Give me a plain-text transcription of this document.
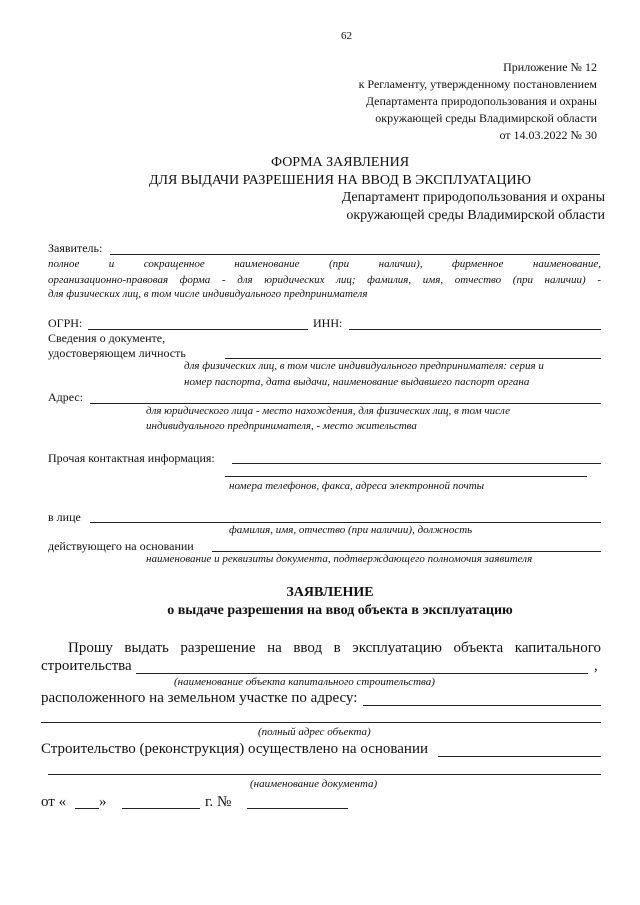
62
Приложение № 12
к Регламенту, утвержденному постановлением
Департамента природопользования и охраны
окружающей среды Владимирской области
от 14.03.2022 № 30
ФОРМА ЗАЯВЛЕНИЯ
ДЛЯ ВЫДАЧИ РАЗРЕШЕНИЯ НА ВВОД В ЭКСПЛУАТАЦИЮ
Департамент природопользования и охраны
окружающей среды Владимирской области
Заявитель:
полное и сокращенное наименование (при наличии), фирменное наименование,
организационно-правовая форма - для юридических лиц; фамилия, имя, отчество (при наличии) -
для физических лиц, в том числе индивидуального предпринимателя
ОГРН:	ИНН:
Сведения о документе,
удостоверяющем личность
для физических лиц, в том числе индивидуального предпринимателя: серия и
номер паспорта, дата выдачи, наименование выдавшего паспорт органа
Адрес:
для юридического лица - место нахождения, для физических лиц, в том числе
индивидуального предпринимателя, - место жительства
Прочая контактная информация:
номера телефонов, факса, адреса электронной почты
в лице
фамилия, имя, отчество (при наличии), должность
действующего на основании
наименование и реквизиты документа, подтверждающего полномочия заявителя
ЗАЯВЛЕНИЕ
о выдаче разрешения на ввод объекта в эксплуатацию
Прошу выдать разрешение на ввод в эксплуатацию объекта капитального
строительства	,
(наименование объекта капитального строительства)
расположенного на земельном участке по адресу:
(полный адрес объекта)
Строительство (реконструкция) осуществлено на основании
(наименование документа)
от « »	г. №
